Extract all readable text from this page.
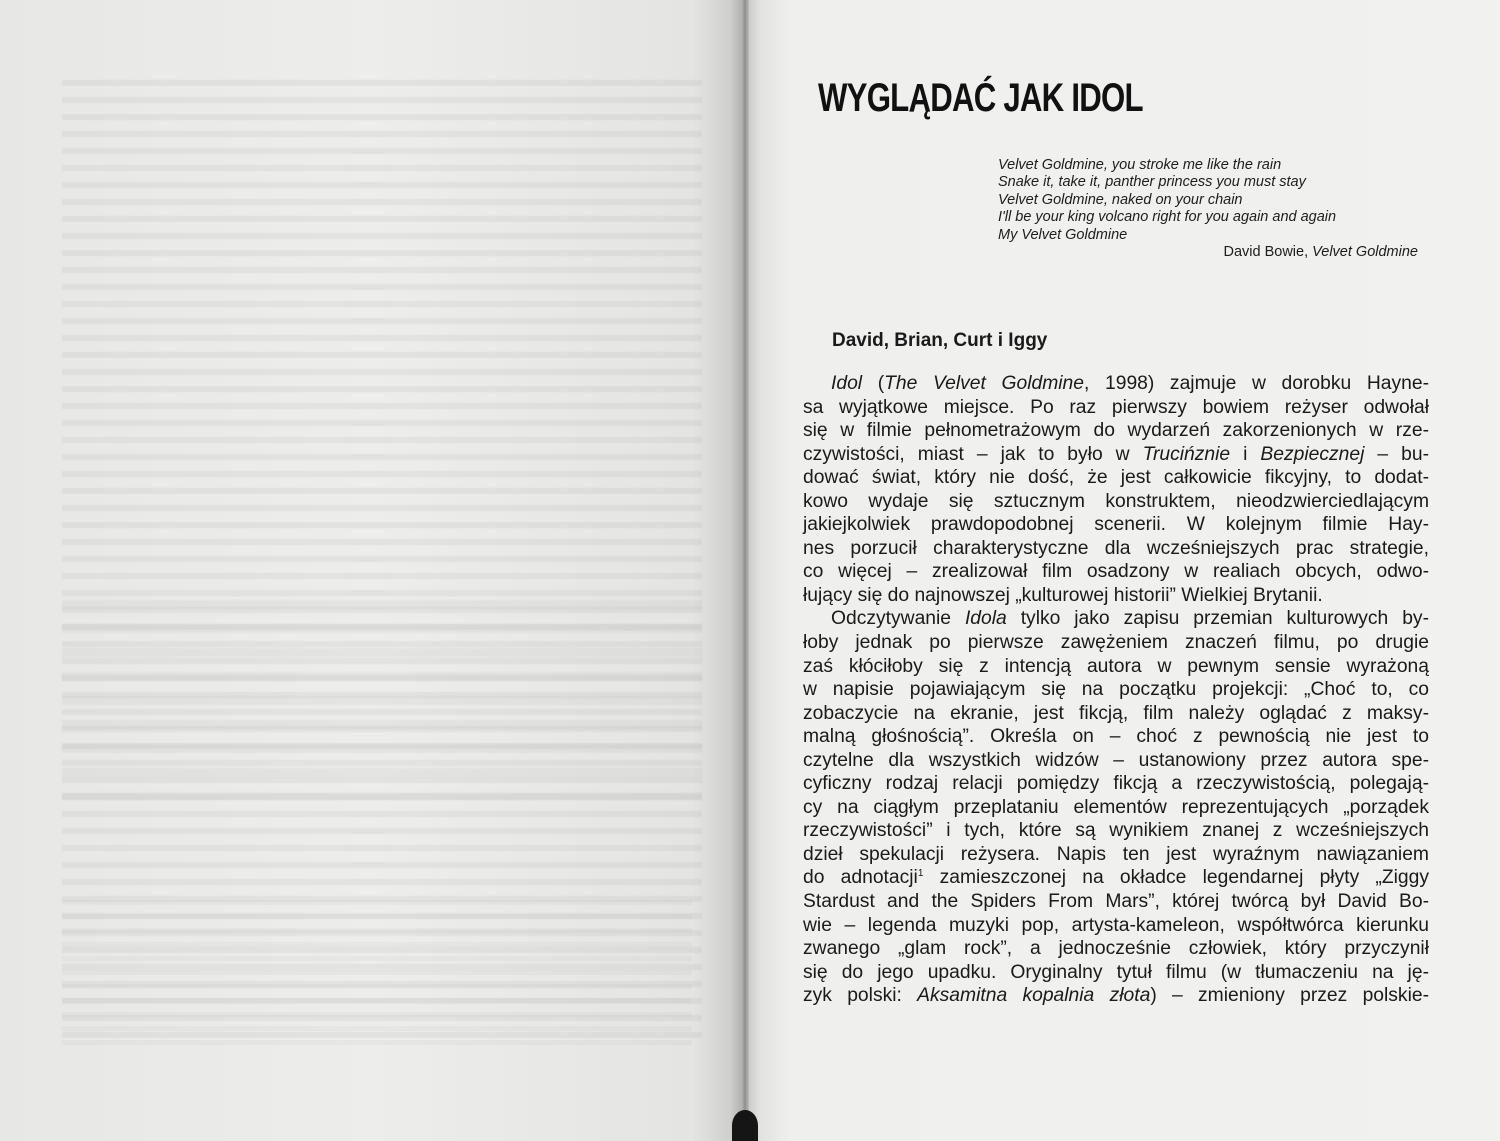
WYGLĄDAĆ JAK IDOL
Velvet Goldmine, you stroke me like the rain
Snake it, take it, panther princess you must stay
Velvet Goldmine, naked on your chain
I'll be your king volcano right for you again and again
My Velvet Goldmine
David Bowie, Velvet Goldmine
David, Brian, Curt i Iggy
Idol (The Velvet Goldmine, 1998) zajmuje w dorobku Hayne-
sa wyjątkowe miejsce. Po raz pierwszy bowiem reżyser odwołał
się w filmie pełnometrażowym do wydarzeń zakorzenionych w rze-
czywistości, miast – jak to było w Trucińznie i Bezpiecznej – bu-
dować świat, który nie dość, że jest całkowicie fikcyjny, to dodat-
kowo wydaje się sztucznym konstruktem, nieodzwierciedlającym
jakiejkolwiek prawdopodobnej scenerii. W kolejnym filmie Hay-
nes porzucił charakterystyczne dla wcześniejszych prac strategie,
co więcej – zrealizował film osadzony w realiach obcych, odwo-
łujący się do najnowszej „kulturowej historii” Wielkiej Brytanii.
Odczytywanie Idola tylko jako zapisu przemian kulturowych by-
łoby jednak po pierwsze zawężeniem znaczeń filmu, po drugie
zaś kłóciłoby się z intencją autora w pewnym sensie wyrażoną
w napisie pojawiającym się na początku projekcji: „Choć to, co
zobaczycie na ekranie, jest fikcją, film należy oglądać z maksy-
malną głośnością”. Określa on – choć z pewnością nie jest to
czytelne dla wszystkich widzów – ustanowiony przez autora spe-
cyficzny rodzaj relacji pomiędzy fikcją a rzeczywistością, polegają-
cy na ciągłym przeplataniu elementów reprezentujących „porządek
rzeczywistości” i tych, które są wynikiem znanej z wcześniejszych
dzieł spekulacji reżysera. Napis ten jest wyraźnym nawiązaniem
do adnotacji$^1$ zamieszczonej na okładce legendarnej płyty „Ziggy
Stardust and the Spiders From Mars”, której twórcą był David Bo-
wie – legenda muzyki pop, artysta-kameleon, współtwórca kierunku
zwanego „glam rock”, a jednocześnie człowiek, który przyczynił
się do jego upadku. Oryginalny tytuł filmu (w tłumaczeniu na ję-
zyk polski: Aksamitna kopalnia złota) – zmieniony przez polskie-
